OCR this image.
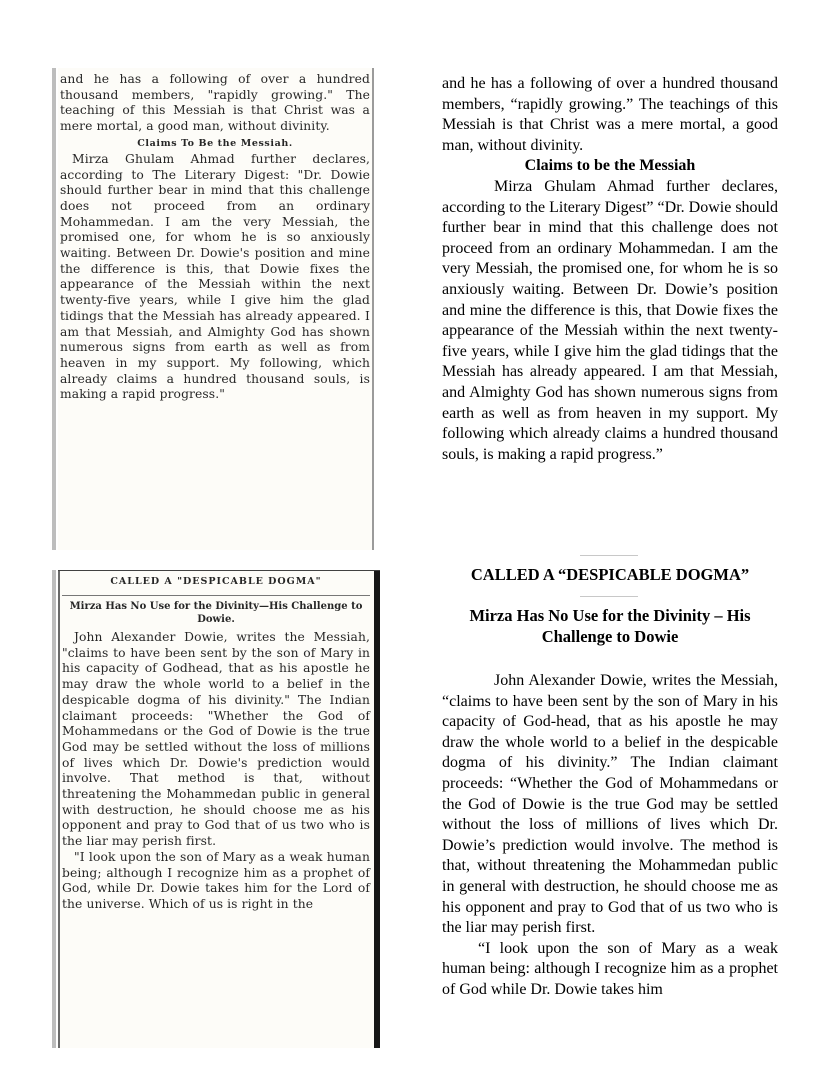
and he has a following of over a hundred thousand members, "rapidly growing." The teaching of this Messiah is that Christ was a mere mortal, a good man, without divinity.

Claims To Be the Messiah.

Mirza Ghulam Ahmad further declares, according to The Literary Digest: "Dr. Dowie should further bear in mind that this challenge does not proceed from an ordinary Mohammedan. I am the very Messiah, the promised one, for whom he is so anxiously waiting. Between Dr. Dowie's position and mine the difference is this, that Dowie fixes the appearance of the Messiah within the next twenty-five years, while I give him the glad tidings that the Messiah has already appeared. I am that Messiah, and Almighty God has shown numerous signs from earth as well as from heaven in my support. My following, which already claims a hundred thousand souls, is making a rapid progress."

CALLED A "DESPICABLE DOGMA"
Mirza Has No Use for the Divinity—His Challenge to Dowie.

John Alexander Dowie, writes the Messiah, "claims to have been sent by the son of Mary in his capacity of Godhead, that as his apostle he may draw the whole world to a belief in the despicable dogma of his divinity." The Indian claimant proceeds: "Whether the God of Mohammedans or the God of Dowie is the true God may be settled without the loss of millions of lives which Dr. Dowie's prediction would involve. That method is that, without threatening the Mohammedan public in general with destruction, he should choose me as his opponent and pray to God that of us two who is the liar may perish first.

"I look upon the son of Mary as a weak human being; although I recognize him as a prophet of God, while Dr. Dowie takes him for the Lord of the universe. Which of us is right in the

and he has a following of over a hundred thousand members, “rapidly growing.” The teachings of this Messiah is that Christ was a mere mortal, a good man, without divinity.

Claims to be the Messiah

Mirza Ghulam Ahmad further declares, according to the Literary Digest” “Dr. Dowie should further bear in mind that this challenge does not proceed from an ordinary Mohammedan. I am the very Messiah, the promised one, for whom he is so anxiously waiting. Between Dr. Dowie’s position and mine the difference is this, that Dowie fixes the appearance of the Messiah within the next twenty-five years, while I give him the glad tidings that the Messiah has already appeared. I am that Messiah, and Almighty God has shown numerous signs from earth as well as from heaven in my support. My following which already claims a hundred thousand souls, is making a rapid progress.”

CALLED A “DESPICABLE DOGMA”
Mirza Has No Use for the Divinity – His Challenge to Dowie

John Alexander Dowie, writes the Messiah, “claims to have been sent by the son of Mary in his capacity of God-head, that as his apostle he may draw the whole world to a belief in the despicable dogma of his divinity.” The Indian claimant proceeds: “Whether the God of Mohammedans or the God of Dowie is the true God may be settled without the loss of millions of lives which Dr. Dowie’s prediction would involve. The method is that, without threatening the Mohammedan public in general with destruction, he should choose me as his opponent and pray to God that of us two who is the liar may perish first.

“I look upon the son of Mary as a weak human being: although I recognize him as a prophet of God while Dr. Dowie takes him
